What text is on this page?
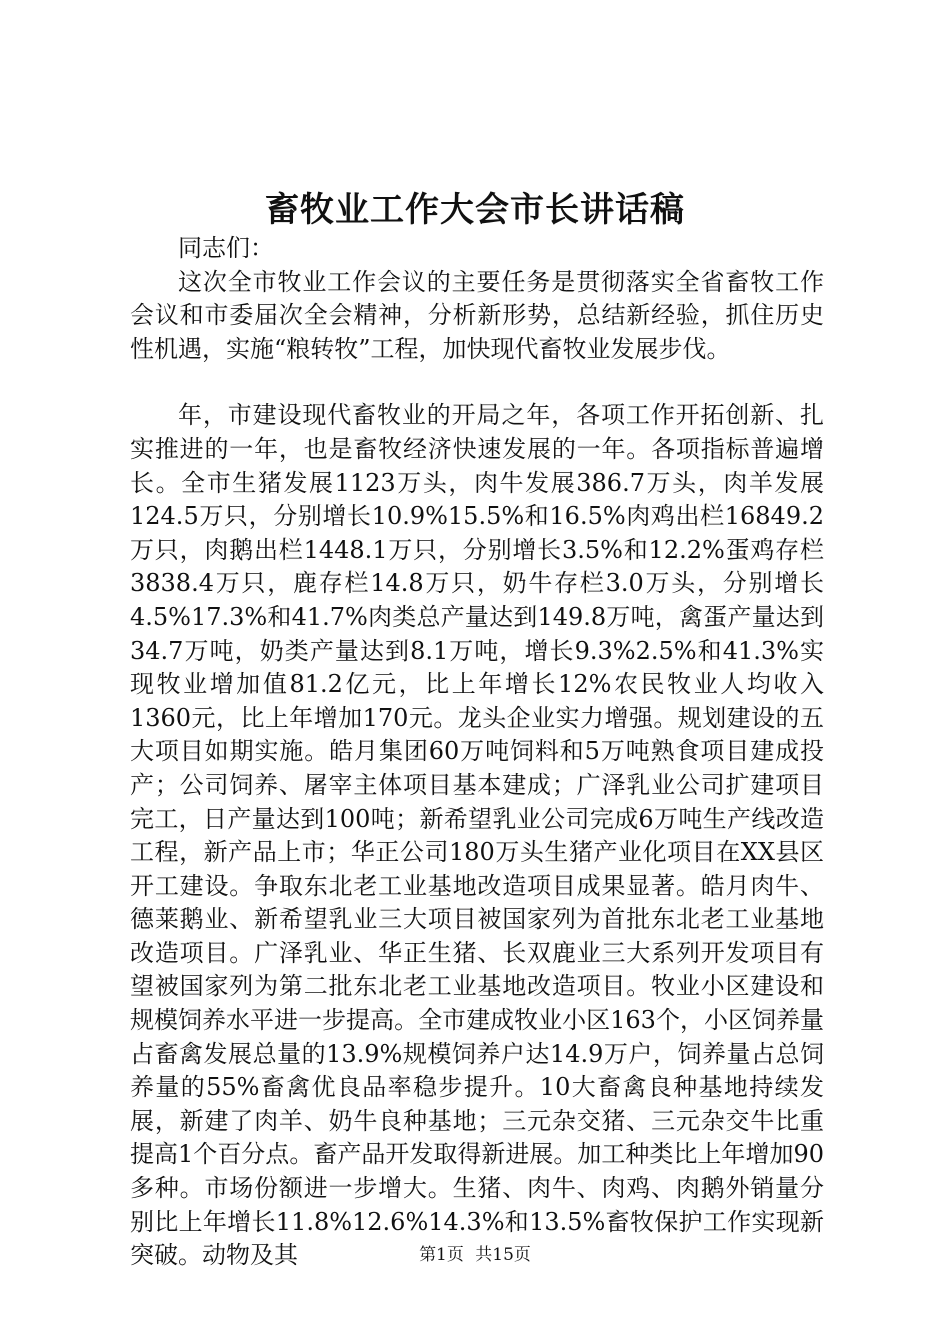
畜牧业工作大会市长讲话稿

同志们：

这次全市牧业工作会议的主要任务是贯彻落实全省畜牧工作会议和市委届次全会精神，分析新形势，总结新经验，抓住历史性机遇，实施“粮转牧”工程，加快现代畜牧业发展步伐。

年，市建设现代畜牧业的开局之年，各项工作开拓创新、扎实推进的一年，也是畜牧经济快速发展的一年。各项指标普遍增长。全市生猪发展1123万头，肉牛发展386.7万头，肉羊发展124.5万只，分别增长10.9%15.5%和16.5%肉鸡出栏16849.2万只，肉鹅出栏1448.1万只，分别增长3.5%和12.2%蛋鸡存栏3838.4万只，鹿存栏14.8万只，奶牛存栏3.0万头，分别增长4.5%17.3%和41.7%肉类总产量达到149.8万吨，禽蛋产量达到34.7万吨，奶类产量达到8.1万吨，增长9.3%2.5%和41.3%实现牧业增加值81.2亿元，比上年增长12%农民牧业人均收入1360元，比上年增加170元。龙头企业实力增强。规划建设的五大项目如期实施。皓月集团60万吨饲料和5万吨熟食项目建成投产；公司饲养、屠宰主体项目基本建成；广泽乳业公司扩建项目完工，日产量达到100吨；新希望乳业公司完成6万吨生产线改造工程，新产品上市；华正公司180万头生猪产业化项目在XX县区开工建设。争取东北老工业基地改造项目成果显著。皓月肉牛、德莱鹅业、新希望乳业三大项目被国家列为首批东北老工业基地改造项目。广泽乳业、华正生猪、长双鹿业三大系列开发项目有望被国家列为第二批东北老工业基地改造项目。牧业小区建设和规模饲养水平进一步提高。全市建成牧业小区163个，小区饲养量占畜禽发展总量的13.9%规模饲养户达14.9万户，饲养量占总饲养量的55%畜禽优良品率稳步提升。10大畜禽良种基地持续发展，新建了肉羊、奶牛良种基地；三元杂交猪、三元杂交牛比重提高1个百分点。畜产品开发取得新进展。加工种类比上年增加90多种。市场份额进一步增大。生猪、肉牛、肉鸡、肉鹅外销量分别比上年增长11.8%12.6%14.3%和13.5%畜牧保护工作实现新突破。动物及其	第1页 共15页
